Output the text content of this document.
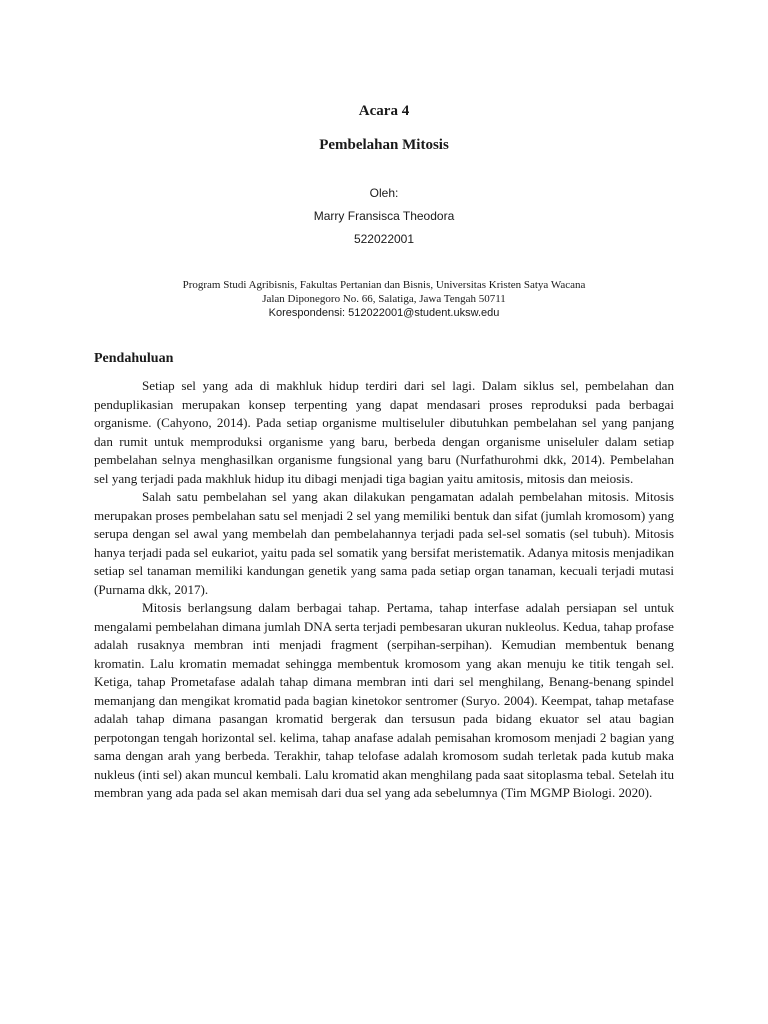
Acara 4
Pembelahan Mitosis
Oleh:
Marry Fransisca Theodora
522022001
Program Studi Agribisnis, Fakultas Pertanian dan Bisnis, Universitas Kristen Satya Wacana
Jalan Diponegoro No. 66, Salatiga, Jawa Tengah 50711
Korespondensi: 512022001@student.uksw.edu
Pendahuluan

Setiap sel yang ada di makhluk hidup terdiri dari sel lagi. Dalam siklus sel, pembelahan dan penduplikasian merupakan konsep terpenting yang dapat mendasari proses reproduksi pada berbagai organisme. (Cahyono, 2014). Pada setiap organisme multiseluler dibutuhkan pembelahan sel yang panjang dan rumit untuk memproduksi organisme yang baru, berbeda dengan organisme uniseluler dalam setiap pembelahan selnya menghasilkan organisme fungsional yang baru (Nurfathurohmi dkk, 2014). Pembelahan sel yang terjadi pada makhluk hidup itu dibagi menjadi tiga bagian yaitu amitosis, mitosis dan meiosis.

Salah satu pembelahan sel yang akan dilakukan pengamatan adalah pembelahan mitosis. Mitosis merupakan proses pembelahan satu sel menjadi 2 sel yang memiliki bentuk dan sifat (jumlah kromosom) yang serupa dengan sel awal yang membelah dan pembelahannya terjadi pada sel-sel somatis (sel tubuh). Mitosis hanya terjadi pada sel eukariot, yaitu pada sel somatik yang bersifat meristematik. Adanya mitosis menjadikan setiap sel tanaman memiliki kandungan genetik yang sama pada setiap organ tanaman, kecuali terjadi mutasi (Purnama dkk, 2017).

Mitosis berlangsung dalam berbagai tahap. Pertama, tahap interfase adalah persiapan sel untuk mengalami pembelahan dimana jumlah DNA serta terjadi pembesaran ukuran nukleolus. Kedua, tahap profase adalah rusaknya membran inti menjadi fragment (serpihan-serpihan). Kemudian membentuk benang kromatin. Lalu kromatin memadat sehingga membentuk kromosom yang akan menuju ke titik tengah sel. Ketiga, tahap Prometafase adalah tahap dimana membran inti dari sel menghilang, Benang-benang spindel memanjang dan mengikat kromatid pada bagian kinetokor sentromer (Suryo. 2004). Keempat, tahap metafase adalah tahap dimana pasangan kromatid bergerak dan tersusun pada bidang ekuator sel atau bagian perpotongan tengah horizontal sel. kelima, tahap anafase adalah pemisahan kromosom menjadi 2 bagian yang sama dengan arah yang berbeda. Terakhir, tahap telofase adalah kromosom sudah terletak pada kutub maka nukleus (inti sel) akan muncul kembali. Lalu kromatid akan menghilang pada saat sitoplasma tebal. Setelah itu membran yang ada pada sel akan memisah dari dua sel yang ada sebelumnya (Tim MGMP Biologi. 2020).
